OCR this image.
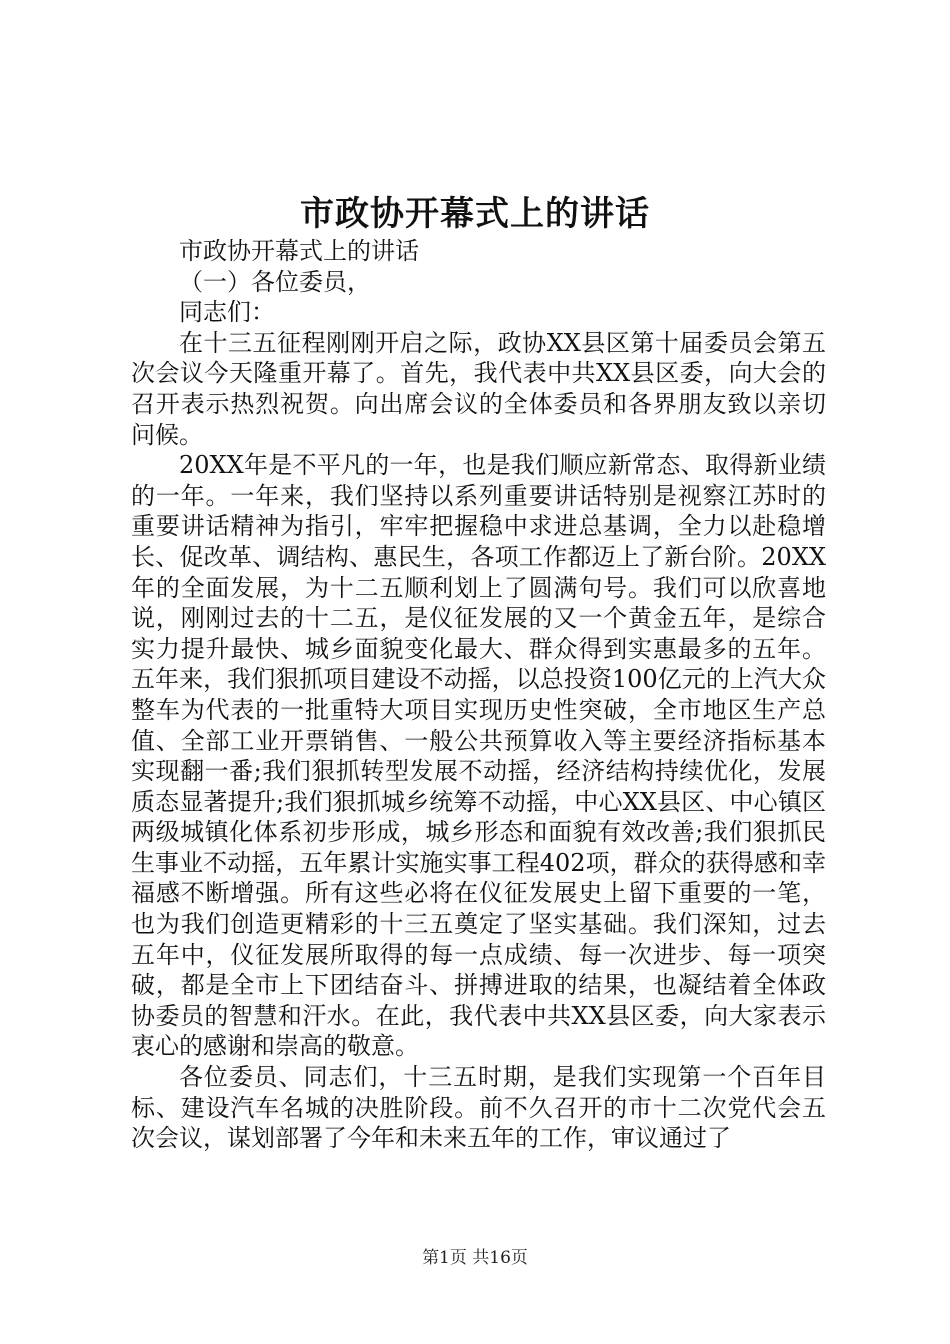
市政协开幕式上的讲话

市政协开幕式上的讲话

（一）各位委员，

同志们：

在十三五征程刚刚开启之际，政协XX县区第十届委员会第五次会议今天隆重开幕了。首先，我代表中共XX县区委，向大会的召开表示热烈祝贺。向出席会议的全体委员和各界朋友致以亲切问候。

20XX年是不平凡的一年，也是我们顺应新常态、取得新业绩的一年。一年来，我们坚持以系列重要讲话特别是视察江苏时的重要讲话精神为指引，牢牢把握稳中求进总基调，全力以赴稳增长、促改革、调结构、惠民生，各项工作都迈上了新台阶。20XX年的全面发展，为十二五顺利划上了圆满句号。我们可以欣喜地说，刚刚过去的十二五，是仪征发展的又一个黄金五年，是综合实力提升最快、城乡面貌变化最大、群众得到实惠最多的五年。五年来，我们狠抓项目建设不动摇，以总投资100亿元的上汽大众整车为代表的一批重特大项目实现历史性突破，全市地区生产总值、全部工业开票销售、一般公共预算收入等主要经济指标基本实现翻一番;我们狠抓转型发展不动摇，经济结构持续优化，发展质态显著提升;我们狠抓城乡统筹不动摇，中心XX县区、中心镇区两级城镇化体系初步形成，城乡形态和面貌有效改善;我们狠抓民生事业不动摇，五年累计实施实事工程402项，群众的获得感和幸福感不断增强。所有这些必将在仪征发展史上留下重要的一笔，也为我们创造更精彩的十三五奠定了坚实基础。我们深知，过去五年中，仪征发展所取得的每一点成绩、每一次进步、每一项突破，都是全市上下团结奋斗、拼搏进取的结果，也凝结着全体政协委员的智慧和汗水。在此，我代表中共XX县区委，向大家表示衷心的感谢和崇高的敬意。

各位委员、同志们，十三五时期，是我们实现第一个百年目标、建设汽车名城的决胜阶段。前不久召开的市十二次党代会五次会议，谋划部署了今年和未来五年的工作，审议通过了

第1页 共16页
